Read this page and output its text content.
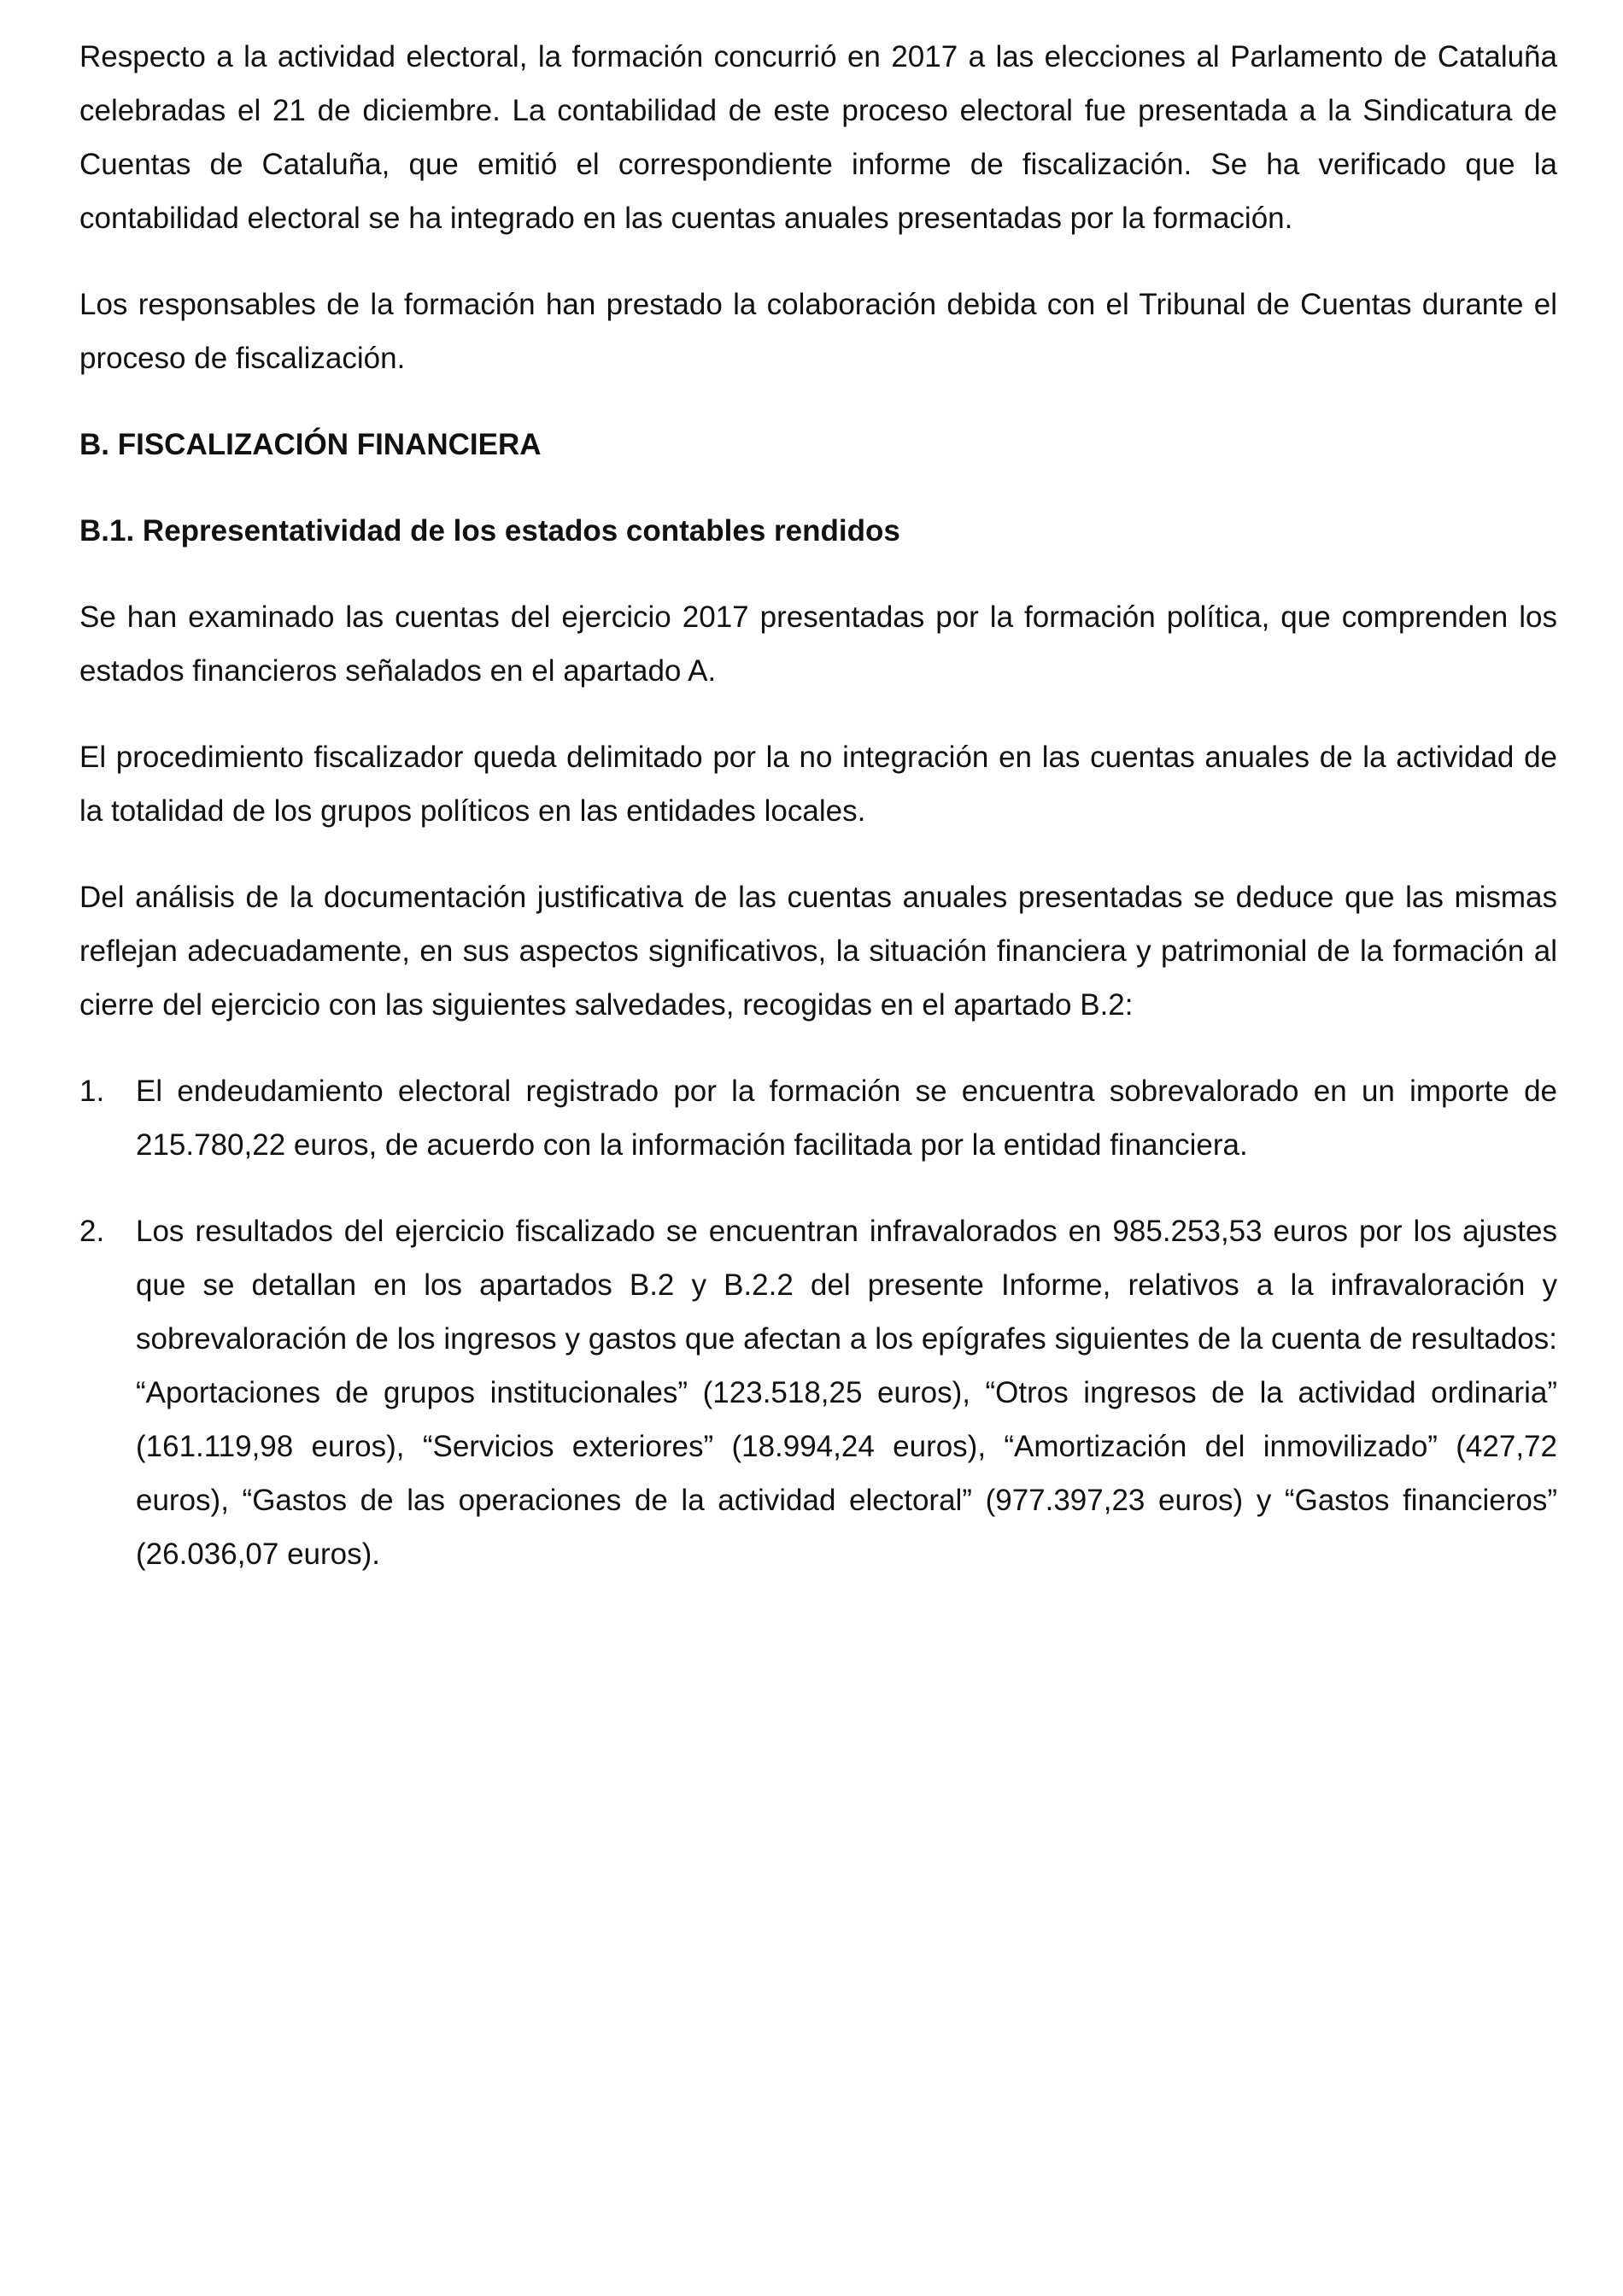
Respecto a la actividad electoral, la formación concurrió en 2017 a las elecciones al Parlamento de Cataluña celebradas el 21 de diciembre. La contabilidad de este proceso electoral fue presentada a la Sindicatura de Cuentas de Cataluña, que emitió el correspondiente informe de fiscalización. Se ha verificado que la contabilidad electoral se ha integrado en las cuentas anuales presentadas por la formación.

Los responsables de la formación han prestado la colaboración debida con el Tribunal de Cuentas durante el proceso de fiscalización.

B. FISCALIZACIÓN FINANCIERA
B.1. Representatividad de los estados contables rendidos

Se han examinado las cuentas del ejercicio 2017 presentadas por la formación política, que comprenden los estados financieros señalados en el apartado A.

El procedimiento fiscalizador queda delimitado por la no integración en las cuentas anuales de la actividad de la totalidad de los grupos políticos en las entidades locales.

Del análisis de la documentación justificativa de las cuentas anuales presentadas se deduce que las mismas reflejan adecuadamente, en sus aspectos significativos, la situación financiera y patrimonial de la formación al cierre del ejercicio con las siguientes salvedades, recogidas en el apartado B.2:

1.	El endeudamiento electoral registrado por la formación se encuentra sobrevalorado en un importe de 215.780,22 euros, de acuerdo con la información facilitada por la entidad financiera.
2.	Los resultados del ejercicio fiscalizado se encuentran infravalorados en 985.253,53 euros por los ajustes que se detallan en los apartados B.2 y B.2.2 del presente Informe, relativos a la infravaloración y sobrevaloración de los ingresos y gastos que afectan a los epígrafes siguientes de la cuenta de resultados: “Aportaciones de grupos institucionales” (123.518,25 euros), “Otros ingresos de la actividad ordinaria” (161.119,98 euros), “Servicios exteriores” (18.994,24 euros), “Amortización del inmovilizado” (427,72 euros), “Gastos de las operaciones de la actividad electoral” (977.397,23 euros) y “Gastos financieros” (26.036,07 euros).
